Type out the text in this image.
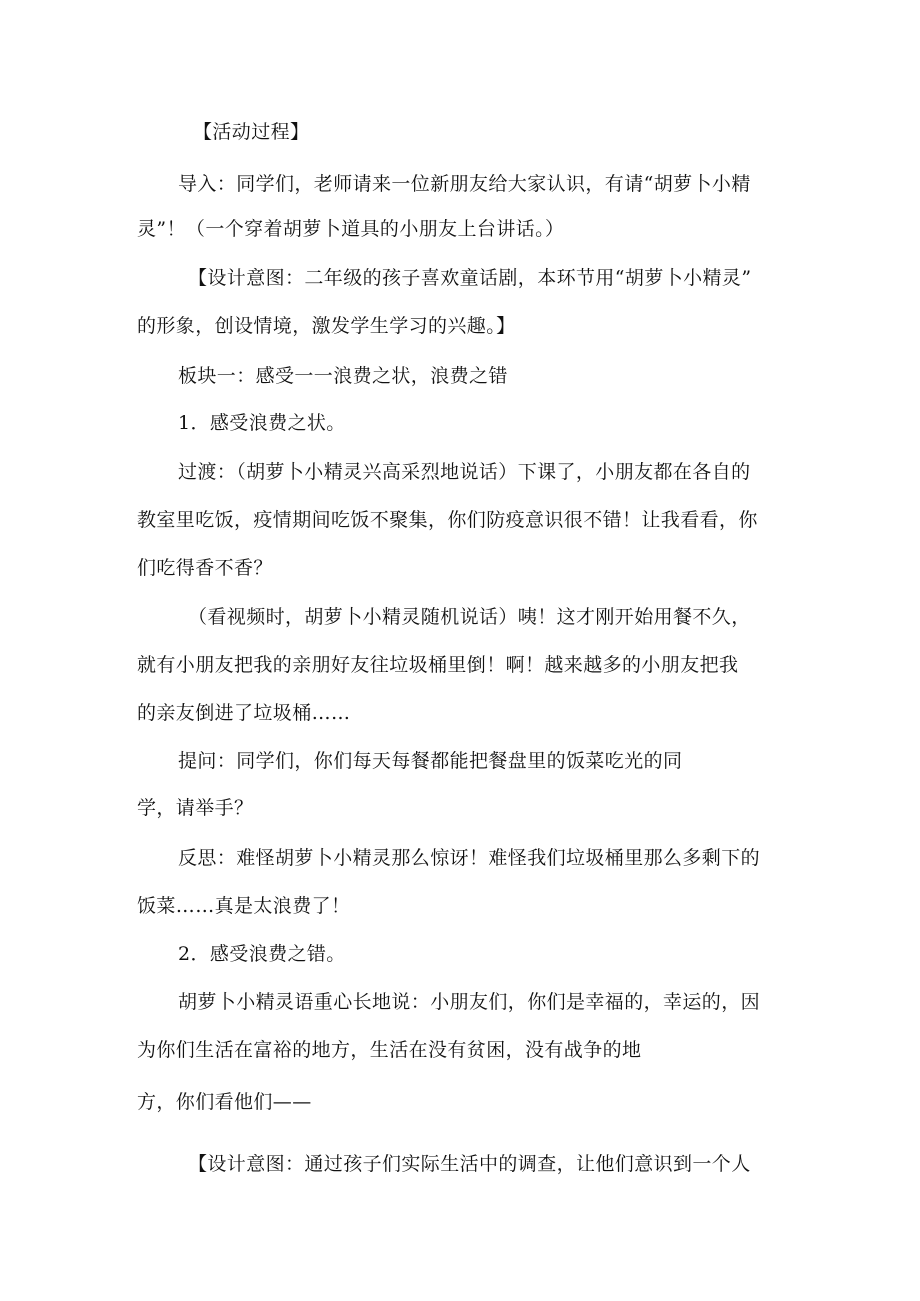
【活动过程】
导入：同学们，老师请来一位新朋友给大家认识，有请“胡萝卜小精
灵”！（一个穿着胡萝卜道具的小朋友上台讲话。）
【设计意图：二年级的孩子喜欢童话剧，本环节用“胡萝卜小精灵”
的形象，创设情境，激发学生学习的兴趣。】
板块一：感受一一浪费之状，浪费之错
1．感受浪费之状。
过渡：（胡萝卜小精灵兴高采烈地说话）下课了，小朋友都在各自的
教室里吃饭，疫情期间吃饭不聚集，你们防疫意识很不错！让我看看，你
们吃得香不香？
（看视频时，胡萝卜小精灵随机说话）咦！这才刚开始用餐不久，
就有小朋友把我的亲朋好友往垃圾桶里倒！啊！越来越多的小朋友把我
的亲友倒进了垃圾桶……
提问：同学们，你们每天每餐都能把餐盘里的饭菜吃光的同
学，请举手？
反思：难怪胡萝卜小精灵那么惊讶！难怪我们垃圾桶里那么多剩下的
饭菜……真是太浪费了！
2．感受浪费之错。
胡萝卜小精灵语重心长地说：小朋友们，你们是幸福的，幸运的，因
为你们生活在富裕的地方，生活在没有贫困，没有战争的地
方，你们看他们——
【设计意图：通过孩子们实际生活中的调查，让他们意识到一个人
